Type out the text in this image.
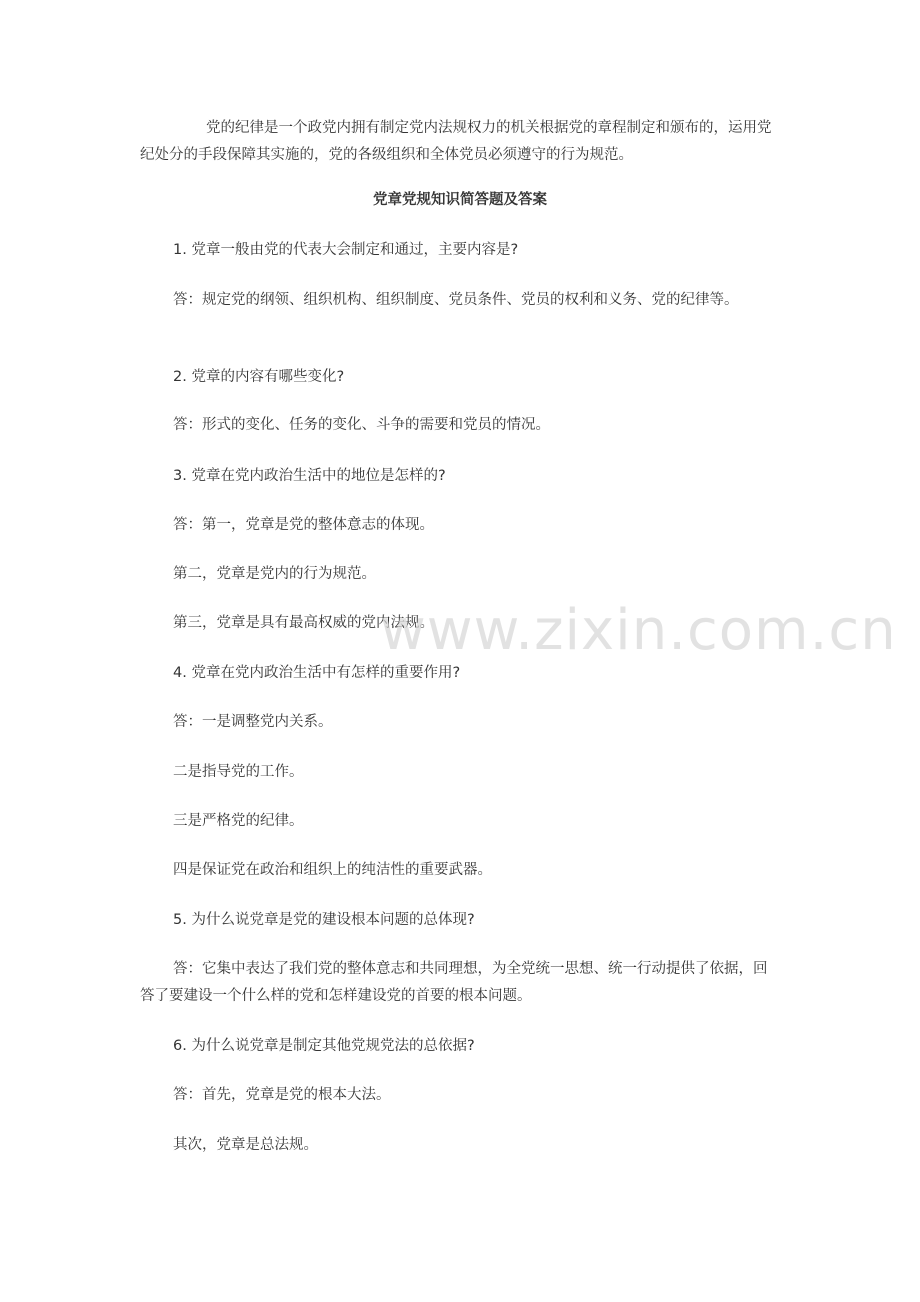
党的纪律是一个政党内拥有制定党内法规权力的机关根据党的章程制定和颁布的，运用党纪处分的手段保障其实施的，党的各级组织和全体党员必须遵守的行为规范。

党章党规知识简答题及答案

1. 党章一般由党的代表大会制定和通过，主要内容是?

答：规定党的纲领、组织机构、组织制度、党员条件、党员的权利和义务、党的纪律等。

2. 党章的内容有哪些变化?

答：形式的变化、任务的变化、斗争的需要和党员的情况。

3. 党章在党内政治生活中的地位是怎样的?

答：第一，党章是党的整体意志的体现。

第二，党章是党内的行为规范。

第三，党章是具有最高权威的党内法规。

4. 党章在党内政治生活中有怎样的重要作用?

答：一是调整党内关系。

二是指导党的工作。

三是严格党的纪律。

四是保证党在政治和组织上的纯洁性的重要武器。

5. 为什么说党章是党的建设根本问题的总体现?

答：它集中表达了我们党的整体意志和共同理想，为全党统一思想、统一行动提供了依据，回答了要建设一个什么样的党和怎样建设党的首要的根本问题。

6. 为什么说党章是制定其他党规党法的总依据?

答：首先，党章是党的根本大法。

其次，党章是总法规。

www.zixin.com.cn
